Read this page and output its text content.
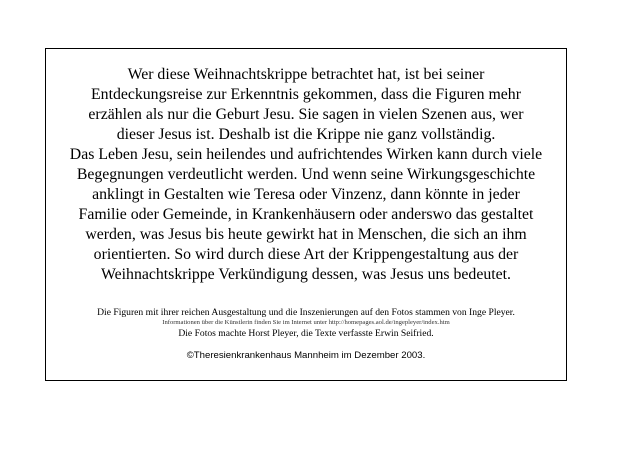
Wer diese Weihnachtskrippe betrachtet hat, ist bei seiner
Entdeckungsreise zur Erkenntnis gekommen, dass die Figuren mehr
erzählen als nur die Geburt Jesu. Sie sagen in vielen Szenen aus, wer
dieser Jesus ist. Deshalb ist die Krippe nie ganz vollständig.
Das Leben Jesu, sein heilendes und aufrichtendes Wirken kann durch viele
Begegnungen verdeutlicht werden. Und wenn seine Wirkungsgeschichte
anklingt in Gestalten wie Teresa oder Vinzenz, dann könnte in jeder
Familie oder Gemeinde, in Krankenhäusern oder anderswo das gestaltet
werden, was Jesus bis heute gewirkt hat in Menschen, die sich an ihm
orientierten. So wird durch diese Art der Krippengestaltung aus der
Weihnachtskrippe Verkündigung dessen, was Jesus uns bedeutet.

Die Figuren mit ihrer reichen Ausgestaltung und die Inszenierungen auf den Fotos stammen von Inge Pleyer.
Informationen über die Künstlerin finden Sie im Internet unter http://homepages.aol.de/ingepleyer/index.htm
Die Fotos machte Horst Pleyer, die Texte verfasste Erwin Seifried.
©Theresienkrankenhaus Mannheim im Dezember 2003.
